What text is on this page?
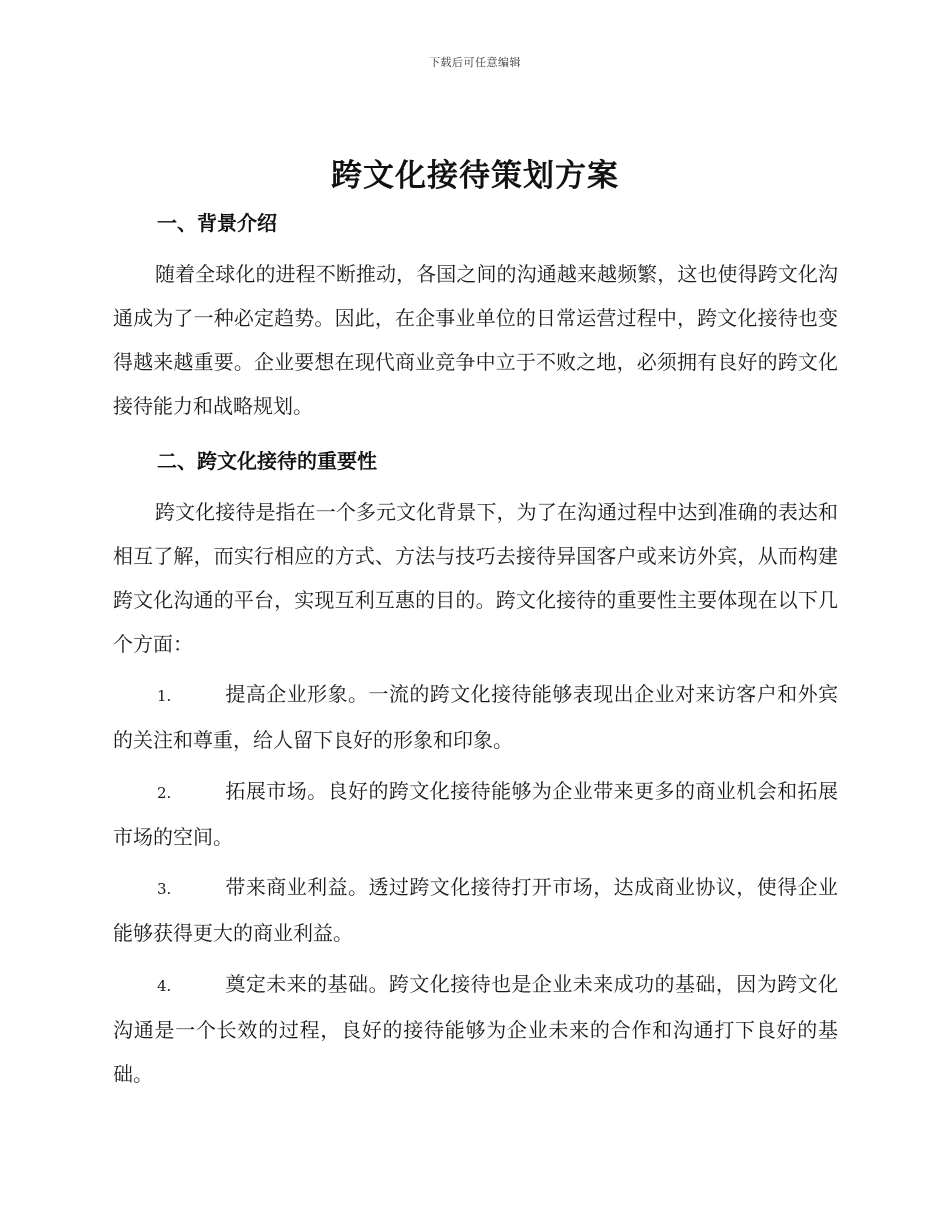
下载后可任意编辑
跨文化接待策划方案
一、背景介绍

随着全球化的进程不断推动，各国之间的沟通越来越频繁，这也使得跨文化沟通成为了一种必定趋势。因此，在企事业单位的日常运营过程中，跨文化接待也变得越来越重要。企业要想在现代商业竞争中立于不败之地，必须拥有良好的跨文化接待能力和战略规划。

二、跨文化接待的重要性

跨文化接待是指在一个多元文化背景下，为了在沟通过程中达到准确的表达和相互了解，而实行相应的方式、方法与技巧去接待异国客户或来访外宾，从而构建跨文化沟通的平台，实现互利互惠的目的。跨文化接待的重要性主要体现在以下几个方面：

1.	提高企业形象。一流的跨文化接待能够表现出企业对来访客户和外宾的关注和尊重，给人留下良好的形象和印象。

2.	拓展市场。良好的跨文化接待能够为企业带来更多的商业机会和拓展市场的空间。

3.	带来商业利益。透过跨文化接待打开市场，达成商业协议，使得企业能够获得更大的商业利益。

4.	奠定未来的基础。跨文化接待也是企业未来成功的基础，因为跨文化沟通是一个长效的过程，良好的接待能够为企业未来的合作和沟通打下良好的基础。
